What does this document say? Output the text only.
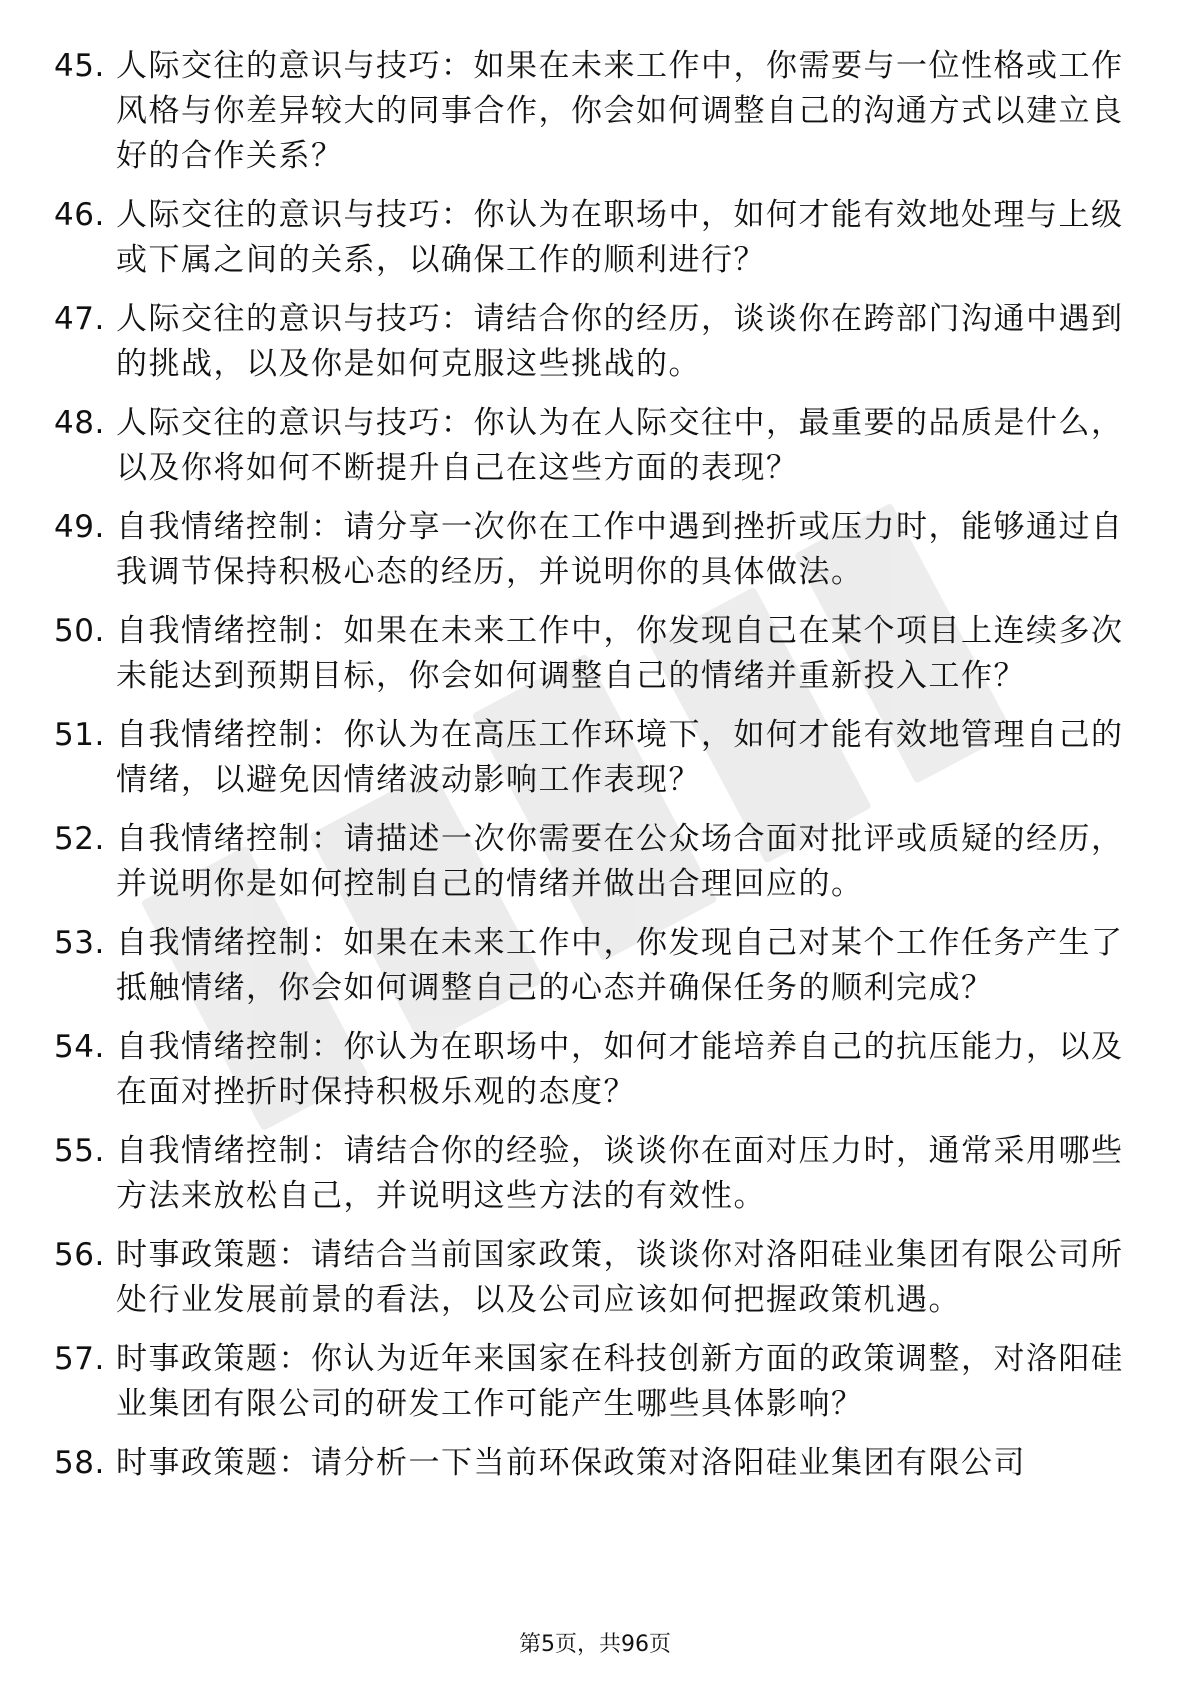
45. 人际交往的意识与技巧：如果在未来工作中，你需要与一位性格或工作风格与你差异较大的同事合作，你会如何调整自己的沟通方式以建立良好的合作关系？
46. 人际交往的意识与技巧：你认为在职场中，如何才能有效地处理与上级或下属之间的关系，以确保工作的顺利进行？
47. 人际交往的意识与技巧：请结合你的经历，谈谈你在跨部门沟通中遇到的挑战，以及你是如何克服这些挑战的。
48. 人际交往的意识与技巧：你认为在人际交往中，最重要的品质是什么，以及你将如何不断提升自己在这些方面的表现？
49. 自我情绪控制：请分享一次你在工作中遇到挫折或压力时，能够通过自我调节保持积极心态的经历，并说明你的具体做法。
50. 自我情绪控制：如果在未来工作中，你发现自己在某个项目上连续多次未能达到预期目标，你会如何调整自己的情绪并重新投入工作？
51. 自我情绪控制：你认为在高压工作环境下，如何才能有效地管理自己的情绪，以避免因情绪波动影响工作表现？
52. 自我情绪控制：请描述一次你需要在公众场合面对批评或质疑的经历，并说明你是如何控制自己的情绪并做出合理回应的。
53. 自我情绪控制：如果在未来工作中，你发现自己对某个工作任务产生了抵触情绪，你会如何调整自己的心态并确保任务的顺利完成？
54. 自我情绪控制：你认为在职场中，如何才能培养自己的抗压能力，以及在面对挫折时保持积极乐观的态度？
55. 自我情绪控制：请结合你的经验，谈谈你在面对压力时，通常采用哪些方法来放松自己，并说明这些方法的有效性。
56. 时事政策题：请结合当前国家政策，谈谈你对洛阳硅业集团有限公司所处行业发展前景的看法，以及公司应该如何把握政策机遇。
57. 时事政策题：你认为近年来国家在科技创新方面的政策调整，对洛阳硅业集团有限公司的研发工作可能产生哪些具体影响？
58. 时事政策题：请分析一下当前环保政策对洛阳硅业集团有限公司
第5页，共96页
